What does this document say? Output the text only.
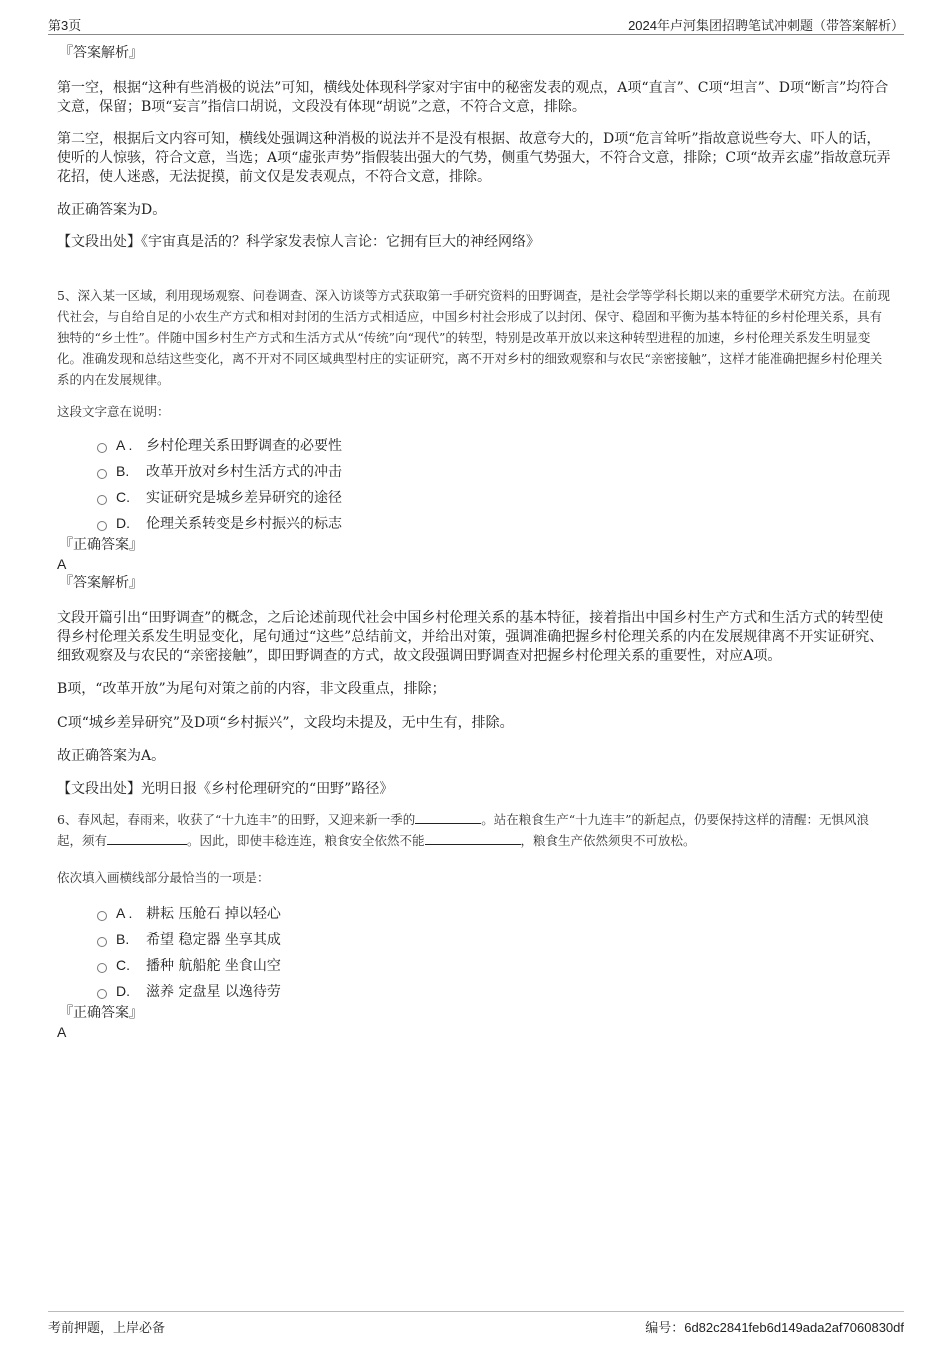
第3页	2024年卢河集团招聘笔试冲刺题（带答案解析）
『答案解析』

第一空，根据“这种有些消极的说法”可知，横线处体现科学家对宇宙中的秘密发表的观点，A项“直言”、C项“坦言”、D项“断言”均符合文意，保留；B项“妄言”指信口胡说，文段没有体现“胡说”之意，不符合文意，排除。

第二空，根据后文内容可知，横线处强调这种消极的说法并不是没有根据、故意夸大的，D项“危言耸听”指故意说些夸大、吓人的话，使听的人惊骇，符合文意，当选；A项“虚张声势”指假装出强大的气势，侧重气势强大，不符合文意，排除；C项“故弄玄虚”指故意玩弄花招，使人迷惑，无法捉摸，前文仅是发表观点，不符合文意，排除。

故正确答案为D。

【文段出处】《宇宙真是活的？科学家发表惊人言论：它拥有巨大的神经网络》

5、深入某一区域，利用现场观察、问卷调查、深入访谈等方式获取第一手研究资料的田野调查，是社会学等学科长期以来的重要学术研究方法。在前现代社会，与自给自足的小农生产方式和相对封闭的生活方式相适应，中国乡村社会形成了以封闭、保守、稳固和平衡为基本特征的乡村伦理关系，具有独特的“乡土性”。伴随中国乡村生产方式和生活方式从“传统”向“现代”的转型，特别是改革开放以来这种转型进程的加速，乡村伦理关系发生明显变化。准确发现和总结这些变化，离不开对不同区域典型村庄的实证研究，离不开对乡村的细致观察和与农民“亲密接触”，这样才能准确把握乡村伦理关系的内在发展规律。

这段文字意在说明：

A . 乡村伦理关系田野调查的必要性
B.	改革开放对乡村生活方式的冲击
C.	实证研究是城乡差异研究的途径
D.	伦理关系转变是乡村振兴的标志
『正确答案』
A
『答案解析』

文段开篇引出“田野调查”的概念，之后论述前现代社会中国乡村伦理关系的基本特征，接着指出中国乡村生产方式和生活方式的转型使得乡村伦理关系发生明显变化，尾句通过“这些”总结前文，并给出对策，强调准确把握乡村伦理关系的内在发展规律离不开实证研究、细致观察及与农民的“亲密接触”，即田野调查的方式，故文段强调田野调查对把握乡村伦理关系的重要性，对应A项。

B项，“改革开放”为尾句对策之前的内容，非文段重点，排除；

C项“城乡差异研究”及D项“乡村振兴”，文段均未提及，无中生有，排除。

故正确答案为A。

【文段出处】光明日报《乡村伦理研究的“田野”路径》

6、春风起，春雨来，收获了“十九连丰”的田野，又迎来新一季的	。站在粮食生产“十九连丰”的新起点，仍要保持这样的清醒：无惧风浪起，须有	。因此，即使丰稔连连，粮食安全依然不能	，粮食生产依然须臾不可放松。

依次填入画横线部分最恰当的一项是：

A . 耕耘 压舱石 掉以轻心
B.	希望 稳定器 坐享其成
C.	播种 航船舵 坐食山空
D.	滋养 定盘星 以逸待劳
『正确答案』
A
考前押题，上岸必备	编号：6d82c2841feb6d149ada2af7060830df
